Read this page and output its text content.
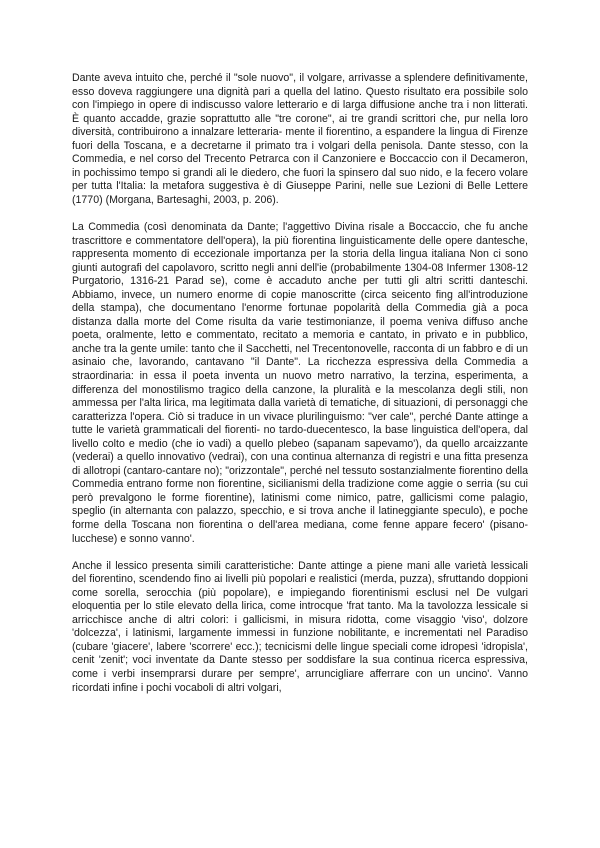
Dante aveva intuito che, perché il "sole nuovo", il volgare, arrivasse a splendere definitivamente, esso doveva raggiungere una dignità pari a quella del latino. Questo risultato era possibile solo con l'impiego in opere di indiscusso valore letterario e di larga diffusione anche tra i non litterati. È quanto accadde, grazie soprattutto alle "tre corone", ai tre grandi scrittori che, pur nella loro diversità, contribuirono a innalzare letteraria- mente il fiorentino, a espandere la lingua di Firenze fuori della Toscana, e a decretarne il primato tra i volgari della penisola. Dante stesso, con la Commedia, e nel corso del Trecento Petrarca con il Canzoniere e Boccaccio con il Decameron, in pochissimo tempo si grandi ali le diedero, che fuori la spinsero dal suo nido, e la fecero volare per tutta l'Italia: la metafora suggestiva è di Giuseppe Parini, nelle sue Lezioni di Belle Lettere (1770) (Morgana, Bartesaghi, 2003, p. 206).

La Commedia (così denominata da Dante; l'aggettivo Divina risale a Boccaccio, che fu anche trascrittore e commentatore dell'opera), la più fiorentina linguisticamente delle opere dantesche, rappresenta momento di eccezionale importanza per la storia della lingua italiana Non ci sono giunti autografi del capolavoro, scritto negli anni dell'ie (probabilmente 1304-08 Infermer 1308-12 Purgatorio, 1316-21 Parad se), come è accaduto anche per tutti gli altri scritti danteschi. Abbiamo, invece, un numero enorme di copie manoscritte (circa seicento fing all'introduzione della stampa), che documentano l'enorme fortunae popolarità della Commedia già a poca distanza dalla morte del Come risulta da varie testimonianze, il poema veniva diffuso anche poeta, oralmente, letto e commentato, recitato a memoria e cantato, in privato e in pubblico, anche tra la gente umile: tanto che il Sacchetti, nel Trecentonovelle, racconta di un fabbro e di un asinaio che, lavorando, cantavano "il Dante". La ricchezza espressiva della Commedia a straordinaria: in essa il poeta inventa un nuovo metro narrativo, la terzina, esperimenta, a differenza del monostilismo tragico della canzone, la pluralità e la mescolanza degli stili, non ammessa per l'alta lirica, ma legitimata dalla varietà di tematiche, di situazioni, di personaggi che caratterizza l'opera. Ciò si traduce in un vivace plurilinguismo: "ver cale", perché Dante attinge a tutte le varietà grammaticali del fiorenti- no tardo-duecentesco, la base linguistica dell'opera, dal livello colto e medio (che io vadi) a quello plebeo (sapanam sapevamo'), da quello arcaizzante (vederai) a quello innovativo (vedrai), con una continua alternanza di registri e una fitta presenza di allotropi (cantaro-cantare no); "orizzontale", perché nel tessuto sostanzialmente fiorentino della Commedia entrano forme non fiorentine, sicilianismi della tradizione come aggie o serria (su cui però prevalgono le forme fiorentine), latinismi come nimico, patre, gallicismi come palagio, speglio (in alternanta con palazzo, specchio, e si trova anche il latineggiante speculo), e poche forme della Toscana non fiorentina o dell'area mediana, come fenne appare fecero' (pisano-lucchese) e sonno vanno'.

Anche il lessico presenta simili caratteristiche: Dante attinge a piene mani alle varietà lessicali del fiorentino, scendendo fino ai livelli più popolari e realistici (merda, puzza), sfruttando doppioni come sorella, serocchia (più popolare), e impiegando fiorentinismi esclusi nel De vulgari eloquentia per lo stile elevato della lirica, come introcque 'frat tanto. Ma la tavolozza lessicale si arricchisce anche di altri colori: i gallicismi, in misura ridotta, come visaggio 'viso', dolzore 'dolcezza', i latinismi, largamente immessi in funzione nobilitante, e incrementati nel Paradiso (cubare 'giacere', labere 'scorrere' ecc.); tecnicismi delle lingue speciali come idropesì 'idropisla', cenit 'zenit'; voci inventate da Dante stesso per soddisfare la sua continua ricerca espressiva, come i verbi insemprarsi durare per sempre', arruncigliare afferrare con un uncino'. Vanno ricordati infine i pochi vocaboli di altri volgari,
